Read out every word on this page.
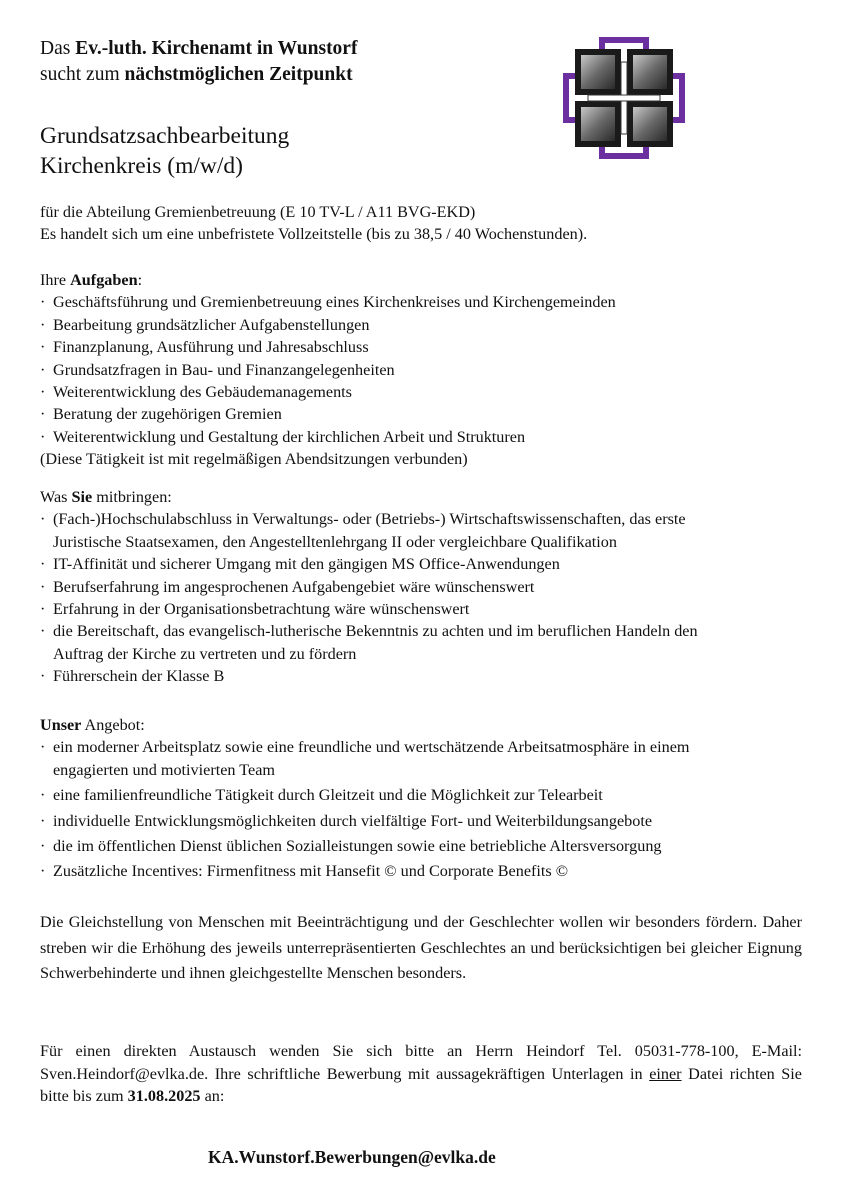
Das Ev.-luth. Kirchenamt in Wunstorf
sucht zum nächstmöglichen Zeitpunkt
Grundsatzsachbearbeitung
Kirchenkreis (m/w/d)
für die Abteilung Gremienbetreuung (E 10 TV-L / A11 BVG-EKD)
Es handelt sich um eine unbefristete Vollzeitstelle (bis zu 38,5 / 40 Wochenstunden).
Ihre Aufgaben:
· Geschäftsführung und Gremienbetreuung eines Kirchenkreises und Kirchengemeinden
· Bearbeitung grundsätzlicher Aufgabenstellungen
· Finanzplanung, Ausführung und Jahresabschluss
· Grundsatzfragen in Bau- und Finanzangelegenheiten
· Weiterentwicklung des Gebäudemanagements
· Beratung der zugehörigen Gremien
· Weiterentwicklung und Gestaltung der kirchlichen Arbeit und Strukturen
(Diese Tätigkeit ist mit regelmäßigen Abendsitzungen verbunden)
Was Sie mitbringen:
· (Fach-)Hochschulabschluss in Verwaltungs- oder (Betriebs-) Wirtschaftswissenschaften, das erste
Juristische Staatsexamen, den Angestelltenlehrgang II oder vergleichbare Qualifikation
· IT-Affinität und sicherer Umgang mit den gängigen MS Office-Anwendungen
· Berufserfahrung im angesprochenen Aufgabengebiet wäre wünschenswert
· Erfahrung in der Organisationsbetrachtung wäre wünschenswert
· die Bereitschaft, das evangelisch-lutherische Bekenntnis zu achten und im beruflichen Handeln den
Auftrag der Kirche zu vertreten und zu fördern
· Führerschein der Klasse B
Unser Angebot:
· ein moderner Arbeitsplatz sowie eine freundliche und wertschätzende Arbeitsatmosphäre in einem
engagierten und motivierten Team
· eine familienfreundliche Tätigkeit durch Gleitzeit und die Möglichkeit zur Telearbeit
· individuelle Entwicklungsmöglichkeiten durch vielfältige Fort- und Weiterbildungsangebote
· die im öffentlichen Dienst üblichen Sozialleistungen sowie eine betriebliche Altersversorgung
· Zusätzliche Incentives: Firmenfitness mit Hansefit © und Corporate Benefits ©
Die Gleichstellung von Menschen mit Beeinträchtigung und der Geschlechter wollen wir besonders fördern. Daher streben wir die Erhöhung des jeweils unterrepräsentierten Geschlechtes an und berücksichtigen bei gleicher Eignung Schwerbehinderte und ihnen gleichgestellte Menschen besonders.
Für einen direkten Austausch wenden Sie sich bitte an Herrn Heindorf Tel. 05031-778-100, E-Mail: Sven.Heindorf@evlka.de. Ihre schriftliche Bewerbung mit aussagekräftigen Unterlagen in einer Datei richten Sie bitte bis zum 31.08.2025 an:
KA.Wunstorf.Bewerbungen@evlka.de
